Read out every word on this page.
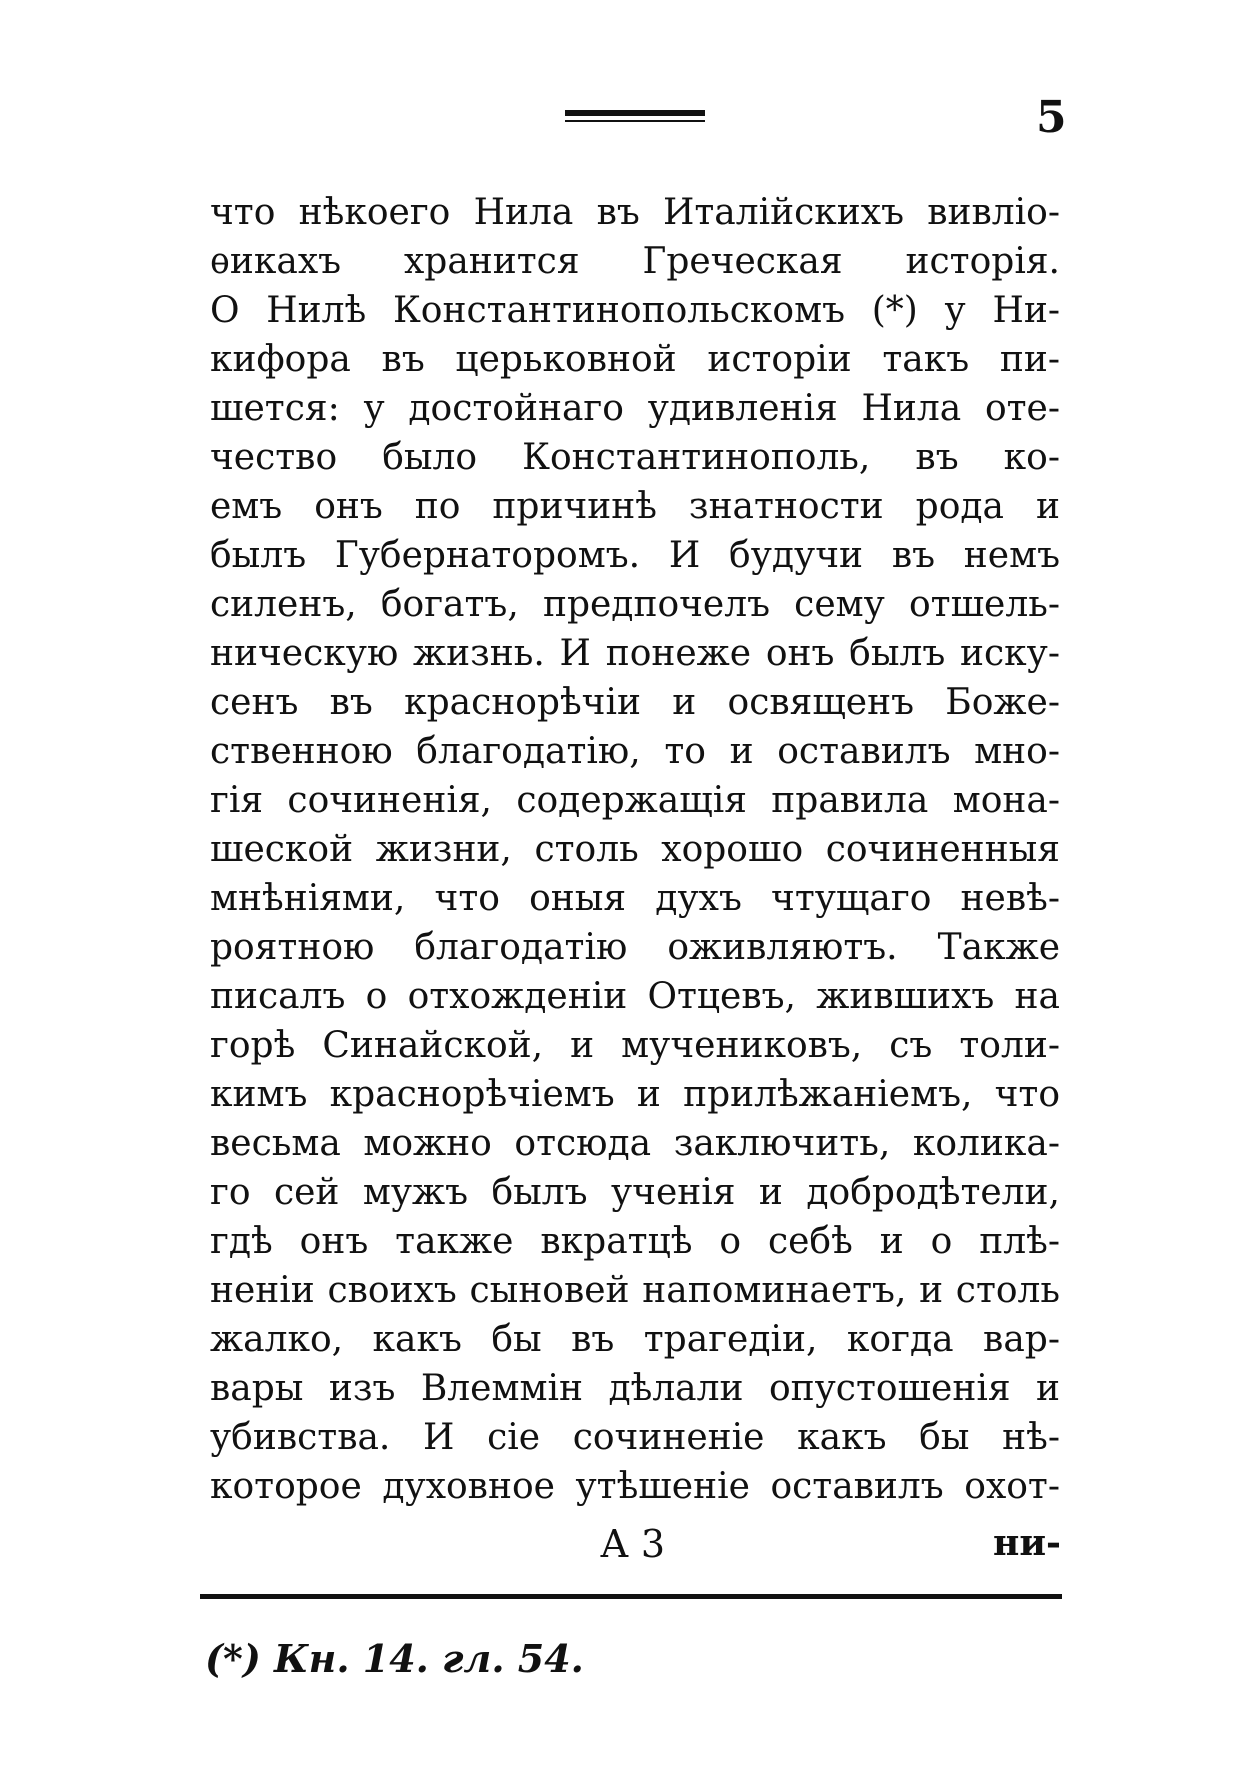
5
что нѣкоего Нила въ Италійскихъ вивліо-
ѳикахъ хранится Греческая исторія.
О Нилѣ Константинопольскомъ (*) у Ни-
кифора въ церьковной исторіи такъ пи-
шется: у достойнаго удивленія Нила оте-
чество было Константинополь, въ ко-
емъ онъ по причинѣ знатности рода и
былъ Губернаторомъ. И будучи въ немъ
силенъ, богатъ, предпочелъ сему отшель-
ническую жизнь. И понеже онъ былъ иску-
сенъ въ краснорѣчіи и освященъ Боже-
ственною благодатію, то и оставилъ мно-
гія сочиненія, содержащія правила мона-
шеской жизни, столь хорошо сочиненныя
мнѣніями, что оныя духъ чтущаго невѣ-
роятною благодатію оживляютъ. Также
писалъ о отхожденіи Отцевъ, жившихъ на
горѣ Синайской, и мучениковъ, съ толи-
кимъ краснорѣчіемъ и прилѣжаніемъ, что
весьма можно отсюда заключить, колика-
го сей мужъ былъ ученія и добродѣтели,
гдѣ онъ также вкратцѣ о себѣ и о плѣ-
неніи своихъ сыновей напоминаетъ, и столь
жалко, какъ бы въ трагедіи, когда вар-
вары изъ Влеммін дѣлали опустошенія и
убивства. И сіе сочиненіе какъ бы нѣ-
которое духовное утѣшеніе оставилъ охот-
А 3	ни-
(*) Кн. 14. гл. 54.
